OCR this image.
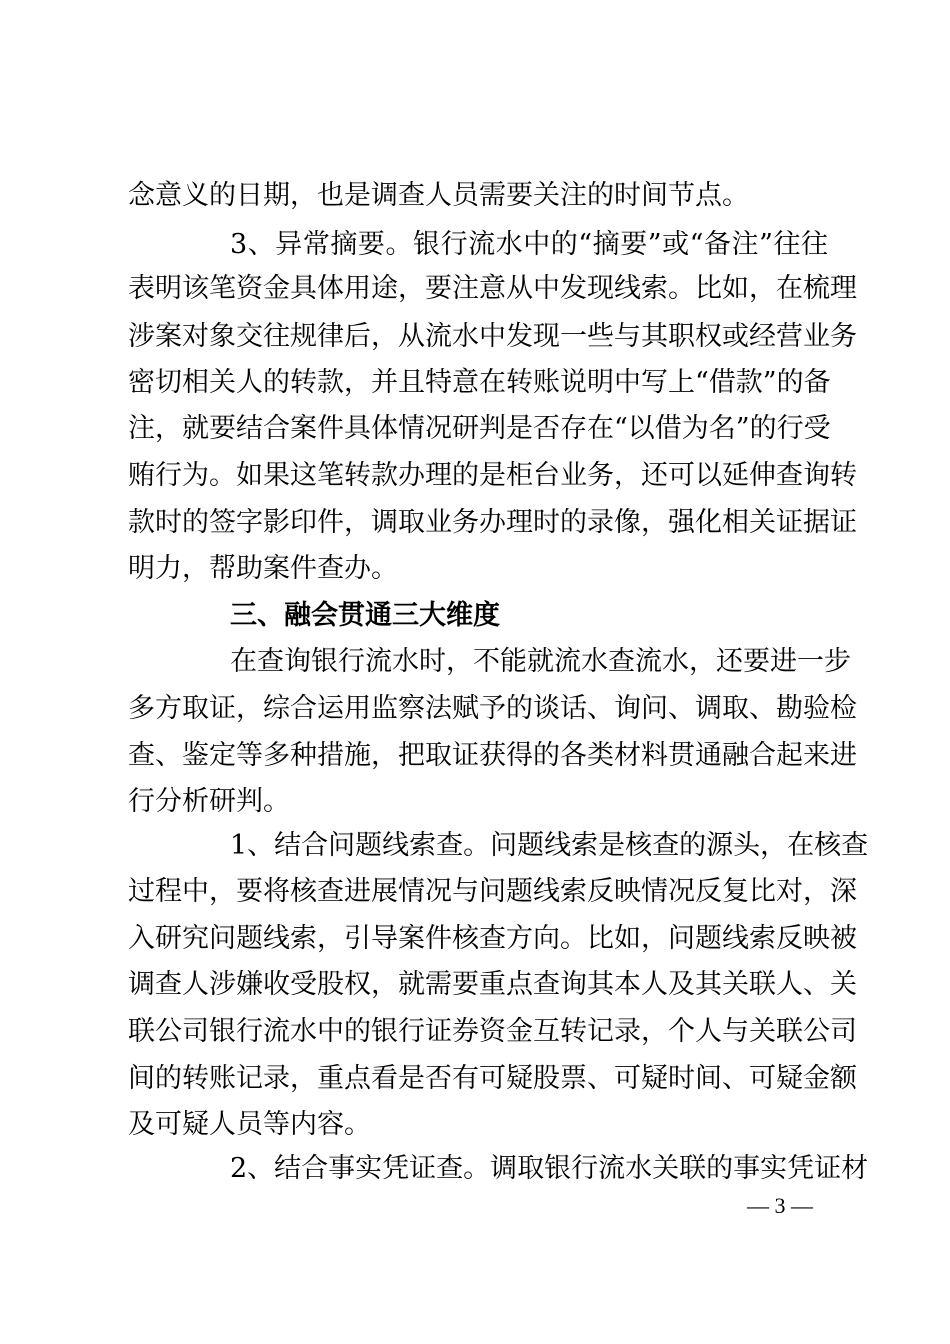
念意义的日期，也是调查人员需要关注的时间节点。
3、异常摘要。银行流水中的“摘要”或“备注”往往
表明该笔资金具体用途，要注意从中发现线索。比如，在梳理
涉案对象交往规律后，从流水中发现一些与其职权或经营业务
密切相关人的转款，并且特意在转账说明中写上“借款”的备
注，就要结合案件具体情况研判是否存在“以借为名”的行受
贿行为。如果这笔转款办理的是柜台业务，还可以延伸查询转
款时的签字影印件，调取业务办理时的录像，强化相关证据证
明力，帮助案件查办。
三、融会贯通三大维度
在查询银行流水时，不能就流水查流水，还要进一步
多方取证，综合运用监察法赋予的谈话、询问、调取、勘验检
查、鉴定等多种措施，把取证获得的各类材料贯通融合起来进
行分析研判。
1、结合问题线索查。问题线索是核查的源头，在核查
过程中，要将核查进展情况与问题线索反映情况反复比对，深
入研究问题线索，引导案件核查方向。比如，问题线索反映被
调查人涉嫌收受股权，就需要重点查询其本人及其关联人、关
联公司银行流水中的银行证券资金互转记录，个人与关联公司
间的转账记录，重点看是否有可疑股票、可疑时间、可疑金额
及可疑人员等内容。
2、结合事实凭证查。调取银行流水关联的事实凭证材
— 3 —
